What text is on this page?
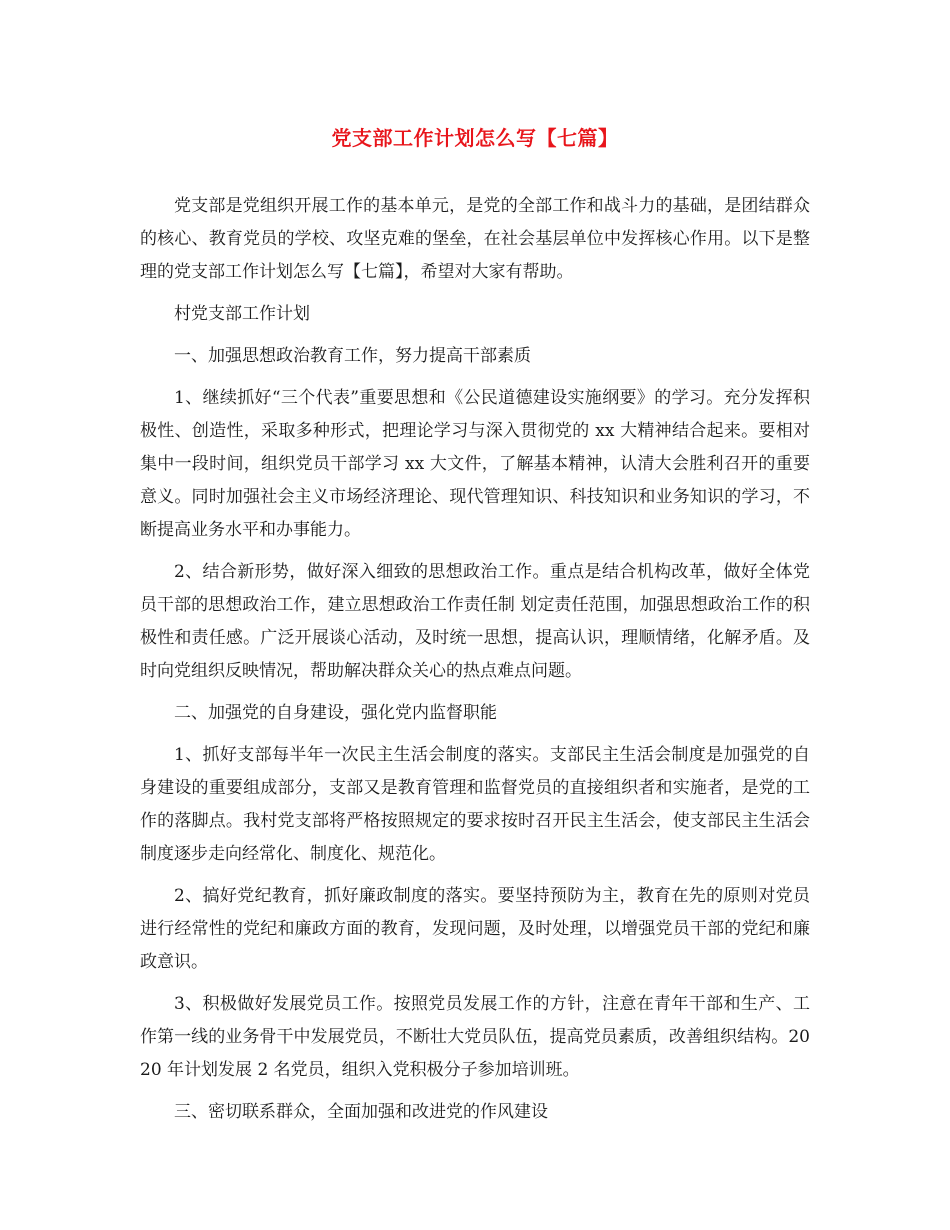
党支部工作计划怎么写【七篇】

党支部是党组织开展工作的基本单元，是党的全部工作和战斗力的基础，是团结群众的核心、教育党员的学校、攻坚克难的堡垒，在社会基层单位中发挥核心作用。以下是整理的党支部工作计划怎么写【七篇】，希望对大家有帮助。

村党支部工作计划

一、加强思想政治教育工作，努力提高干部素质

1、继续抓好“三个代表”重要思想和《公民道德建设实施纲要》的学习。充分发挥积极性、创造性，采取多种形式，把理论学习与深入贯彻党的 xx 大精神结合起来。要相对集中一段时间，组织党员干部学习 xx 大文件，了解基本精神，认清大会胜利召开的重要意义。同时加强社会主义市场经济理论、现代管理知识、科技知识和业务知识的学习，不断提高业务水平和办事能力。

2、结合新形势，做好深入细致的思想政治工作。重点是结合机构改革，做好全体党员干部的思想政治工作，建立思想政治工作责任制 划定责任范围，加强思想政治工作的积极性和责任感。广泛开展谈心活动，及时统一思想，提高认识，理顺情绪，化解矛盾。及时向党组织反映情况，帮助解决群众关心的热点难点问题。

二、加强党的自身建设，强化党内监督职能

1、抓好支部每半年一次民主生活会制度的落实。支部民主生活会制度是加强党的自身建设的重要组成部分，支部又是教育管理和监督党员的直接组织者和实施者，是党的工作的落脚点。我村党支部将严格按照规定的要求按时召开民主生活会，使支部民主生活会制度逐步走向经常化、制度化、规范化。

2、搞好党纪教育，抓好廉政制度的落实。要坚持预防为主，教育在先的原则对党员进行经常性的党纪和廉政方面的教育，发现问题，及时处理，以增强党员干部的党纪和廉政意识。

3、积极做好发展党员工作。按照党员发展工作的方针，注意在青年干部和生产、工作第一线的业务骨干中发展党员，不断壮大党员队伍，提高党员素质，改善组织结构。2020 年计划发展 2 名党员，组织入党积极分子参加培训班。

三、密切联系群众，全面加强和改进党的作风建设
